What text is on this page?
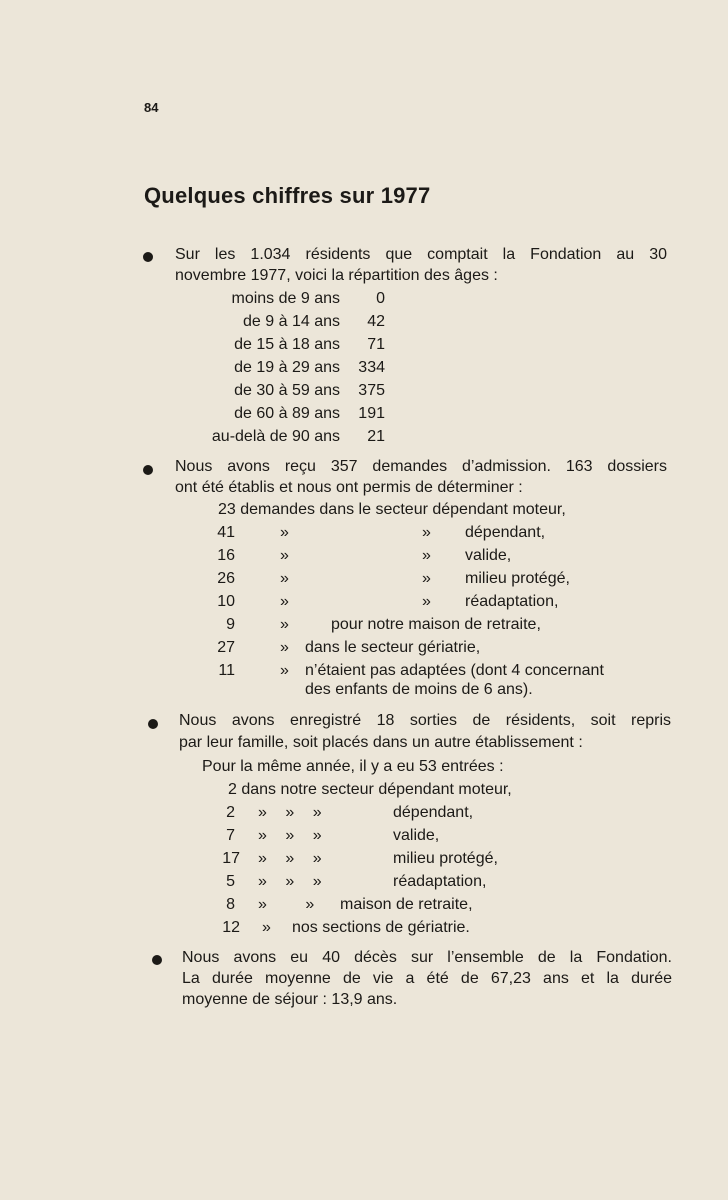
84
Quelques chiffres sur 1977
Sur les 1.034 résidents que comptait la Fondation au 30
novembre 1977, voici la répartition des âges :
moins de 9 ans	0
de 9 à 14 ans	42
de 15 à 18 ans	71
de 19 à 29 ans	334
de 30 à 59 ans	375
de 60 à 89 ans	191
au-delà de 90 ans	21
Nous avons reçu 357 demandes d’admission. 163 dossiers
ont été établis et nous ont permis de déterminer :
23 demandes dans le secteur dépendant moteur,
41	»	» dépendant,
16	»	» valide,
26	»	» milieu protégé,
10	»	» réadaptation,
9	»	pour notre maison de retraite,
27	» dans le secteur gériatrie,
11	» n’étaient pas adaptées (dont 4 concernant
des enfants de moins de 6 ans).
Nous avons enregistré 18 sorties de résidents, soit repris
par leur famille, soit placés dans un autre établissement :
Pour la même année, il y a eu 53 entrées :
2 dans notre secteur dépendant moteur,
2 » » »	dépendant,
7 » » »	valide,
17 » » »	milieu protégé,
5 » » »	réadaptation,
8 » » maison de retraite,
12 » nos sections de gériatrie.
Nous avons eu 40 décès sur l’ensemble de la Fondation.
La durée moyenne de vie a été de 67,23 ans et la durée
moyenne de séjour : 13,9 ans.
